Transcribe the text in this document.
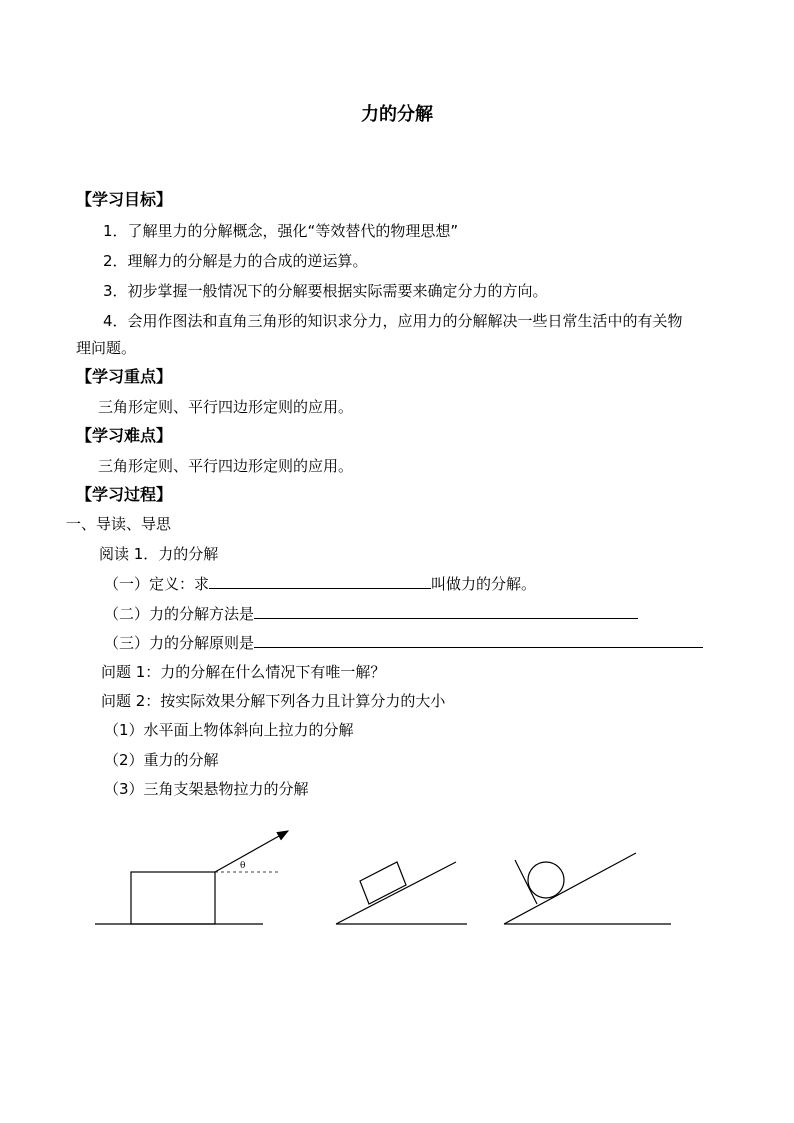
力的分解
【学习目标】
1．了解里力的分解概念，强化“等效替代的物理思想”
2．理解力的分解是力的合成的逆运算。
3．初步掌握一般情况下的分解要根据实际需要来确定分力的方向。
4．会用作图法和直角三角形的知识求分力，应用力的分解解决一些日常生活中的有关物
理问题。
【学习重点】
三角形定则、平行四边形定则的应用。
【学习难点】
三角形定则、平行四边形定则的应用。
【学习过程】
一、导读、导思
阅读 1．力的分解
（一）定义：求	叫做力的分解。
（二）力的分解方法是
（三）力的分解原则是
问题 1：力的分解在什么情况下有唯一解？
问题 2：按实际效果分解下列各力且计算分力的大小
（1）水平面上物体斜向上拉力的分解
（2）重力的分解
（3）三角支架悬物拉力的分解
θ
